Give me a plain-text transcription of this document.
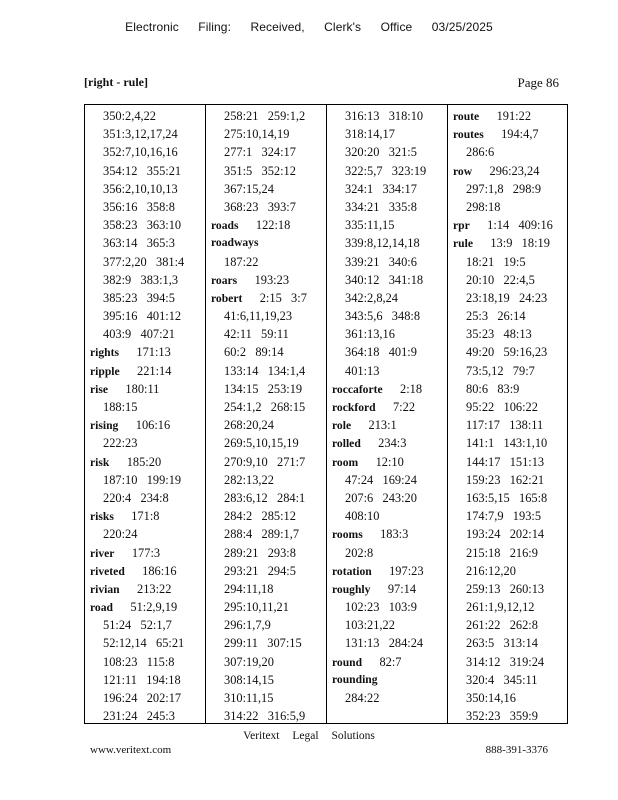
Electronic Filing: Received, Clerk's Office 03/25/2025
[right - rule]	Page 86
350:2,4,22
351:3,12,17,24
352:7,10,16,16
354:12   355:21
356:2,10,10,13
356:16   358:8
358:23   363:10
363:14   365:3
377:2,20   381:4
382:9   383:1,3
385:23   394:5
395:16   401:12
403:9   407:21
rights 171:13
ripple 221:14
rise 180:11
188:15
rising 106:16
222:23
risk 185:20
187:10   199:19
220:4   234:8
risks 171:8
220:24
river 177:3
riveted 186:16
rivian 213:22
road 51:2,9,19
51:24   52:1,7
52:12,14   65:21
108:23   115:8
121:11   194:18
196:24   202:17
231:24   245:3
258:21   259:1,2
275:10,14,19
277:1   324:17
351:5   352:12
367:15,24
368:23   393:7
roads 122:18
roadways
187:22
roars 193:23
robert 2:15   3:7
41:6,11,19,23
42:11   59:11
60:2   89:14
133:14   134:1,4
134:15   253:19
254:1,2   268:15
268:20,24
269:5,10,15,19
270:9,10   271:7
282:13,22
283:6,12   284:1
284:2   285:12
288:4   289:1,7
289:21   293:8
293:21   294:5
294:11,18
295:10,11,21
296:1,7,9
299:11   307:15
307:19,20
308:14,15
310:11,15
314:22   316:5,9
316:13   318:10
318:14,17
320:20   321:5
322:5,7   323:19
324:1   334:17
334:21   335:8
335:11,15
339:8,12,14,18
339:21   340:6
340:12   341:18
342:2,8,24
343:5,6   348:8
361:13,16
364:18   401:9
401:13
roccaforte 2:18
rockford 7:22
role 213:1
rolled 234:3
room 12:10
47:24   169:24
207:6   243:20
408:10
rooms 183:3
202:8
rotation 197:23
roughly 97:14
102:23   103:9
103:21,22
131:13   284:24
round 82:7
rounding
284:22
route 191:22
routes 194:4,7
286:6
row 296:23,24
297:1,8   298:9
298:18
rpr 1:14   409:16
rule 13:9   18:19
18:21   19:5
20:10   22:4,5
23:18,19   24:23
25:3   26:14
35:23   48:13
49:20   59:16,23
73:5,12   79:7
80:6   83:9
95:22   106:22
117:17   138:11
141:1   143:1,10
144:17   151:13
159:23   162:21
163:5,15   165:8
174:7,9   193:5
193:24   202:14
215:18   216:9
216:12,20
259:13   260:13
261:1,9,12,12
261:22   262:8
263:5   313:14
314:12   319:24
320:4   345:11
350:14,16
352:23   359:9
Veritext Legal Solutions
www.veritext.com	888-391-3376
